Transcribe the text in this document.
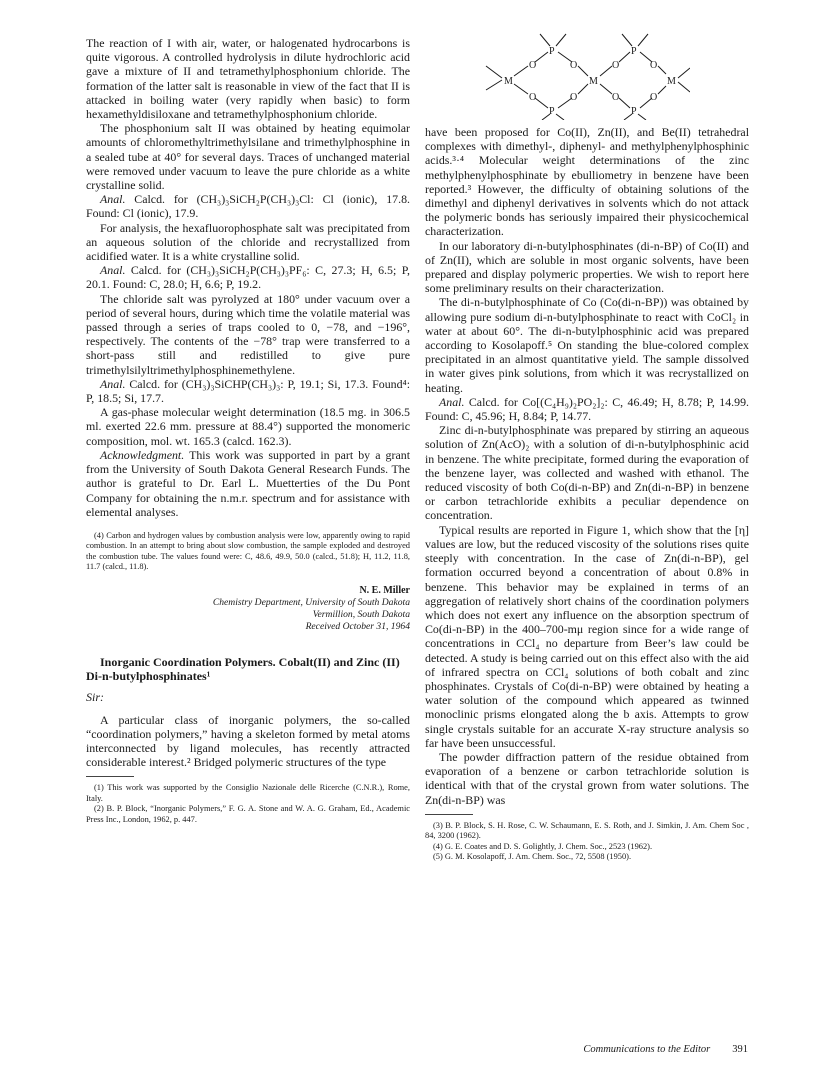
M
O
O
P
P
O
O
M
O
O
P
P
O
O
M

The reaction of I with air, water, or halogenated hydrocarbons is quite vigorous. A controlled hydrolysis in dilute hydrochloric acid gave a mixture of II and tetramethylphosphonium chloride. The formation of the latter salt is reasonable in view of the fact that II is attacked in boiling water (very rapidly when basic) to form hexamethyldisiloxane and tetramethylphosphonium chloride.

The phosphonium salt II was obtained by heating equimolar amounts of chloromethyltrimethylsilane and trimethylphosphine in a sealed tube at 40° for several days. Traces of unchanged material were removed under vacuum to leave the pure chloride as a white crystalline solid.

Anal. Calcd. for (CH₃)₃SiCH₂P(CH₃)₃Cl: Cl (ionic), 17.8. Found: Cl (ionic), 17.9.

For analysis, the hexafluorophosphate salt was precipitated from an aqueous solution of the chloride and recrystallized from acidified water. It is a white crystalline solid.

Anal. Calcd. for (CH₃)₃SiCH₂P(CH₃)₃PF₆: C, 27.3; H, 6.5; P, 20.1. Found: C, 28.0; H, 6.6; P, 19.2.

The chloride salt was pyrolyzed at 180° under vacuum over a period of several hours, during which time the volatile material was passed through a series of traps cooled to 0, −78, and −196°, respectively. The contents of the −78° trap were transferred to a short-pass still and redistilled to give pure trimethylsilyltrimethylphosphinemethylene.

Anal. Calcd. for (CH₃)₃SiCHP(CH₃)₃: P, 19.1; Si, 17.3. Found⁴: P, 18.5; Si, 17.7.

A gas-phase molecular weight determination (18.5 mg. in 306.5 ml. exerted 22.6 mm. pressure at 88.4°) supported the monomeric composition, mol. wt. 165.3 (calcd. 162.3).

Acknowledgment. This work was supported in part by a grant from the University of South Dakota General Research Funds. The author is grateful to Dr. Earl L. Muetterties of the Du Pont Company for obtaining the n.m.r. spectrum and for assistance with elemental analyses.

(4) Carbon and hydrogen values by combustion analysis were low, apparently owing to rapid combustion. In an attempt to bring about slow combustion, the sample exploded and destroyed the combustion tube. The values found were: C, 48.6, 49.9, 50.0 (calcd., 51.8); H, 11.2, 11.8, 11.7 (calcd., 11.8).

N. E. Miller
Chemistry Department, University of South Dakota
Vermillion, South Dakota
Received October 31, 1964

Inorganic Coordination Polymers. Cobalt(II) and Zinc (II) Di-n-butylphosphinates¹

Sir:

A particular class of inorganic polymers, the so-called “coordination polymers,” having a skeleton formed by metal atoms interconnected by ligand molecules, has recently attracted considerable interest.² Bridged polymeric structures of the type

(1) This work was supported by the Consiglio Nazionale delle Ricerche (C.N.R.), Rome, Italy.

(2) B. P. Block, “Inorganic Polymers,” F. G. A. Stone and W. A. G. Graham, Ed., Academic Press Inc., London, 1962, p. 447.

have been proposed for Co(II), Zn(II), and Be(II) tetrahedral complexes with dimethyl-, diphenyl- and methylphenylphosphinic acids.³·⁴ Molecular weight determinations of the zinc methylphenylphosphinate by ebulliometry in benzene have been reported.³ However, the difficulty of obtaining solutions of the dimethyl and diphenyl derivatives in solvents which do not attack the polymeric bonds has seriously impaired their physicochemical characterization.

In our laboratory di-n-butylphosphinates (di-n-BP) of Co(II) and of Zn(II), which are soluble in most organic solvents, have been prepared and display polymeric properties. We wish to report here some preliminary results on their characterization.

The di-n-butylphosphinate of Co (Co(di-n-BP)) was obtained by allowing pure sodium di-n-butylphosphinate to react with CoCl₂ in water at about 60°. The di-n-butylphosphinic acid was prepared according to Kosolapoff.⁵ On standing the blue-colored complex precipitated in an almost quantitative yield. The sample dissolved in water gives pink solutions, from which it was recrystallized on heating.

Anal. Calcd. for Co[(C₄H₉)₂PO₂]₂: C, 46.49; H, 8.78; P, 14.99. Found: C, 45.96; H, 8.84; P, 14.77.

Zinc di-n-butylphosphinate was prepared by stirring an aqueous solution of Zn(AcO)₂ with a solution of di-n-butylphosphinic acid in benzene. The white precipitate, formed during the evaporation of the benzene layer, was collected and washed with ethanol. The reduced viscosity of both Co(di-n-BP) and Zn(di-n-BP) in benzene or carbon tetrachloride exhibits a peculiar dependence on concentration.

Typical results are reported in Figure 1, which show that the [η] values are low, but the reduced viscosity of the solutions rises quite steeply with concentration. In the case of Zn(di-n-BP), gel formation occurred beyond a concentration of about 0.8% in benzene. This behavior may be explained in terms of an aggregation of relatively short chains of the coordination polymers which does not exert any influence on the absorption spectrum of Co(di-n-BP) in the 400–700-mμ region since for a wide range of concentrations in CCl₄ no departure from Beer’s law could be detected. A study is being carried out on this effect also with the aid of infrared spectra on CCl₄ solutions of both cobalt and zinc phosphinates. Crystals of Co(di-n-BP) were obtained by heating a water solution of the compound which appeared as twinned monoclinic prisms elongated along the b axis. Attempts to grow single crystals suitable for an accurate X-ray structure analysis so far have been unsuccessful.

The powder diffraction pattern of the residue obtained from evaporation of a benzene or carbon tetrachloride solution is identical with that of the crystal grown from water solutions. The Zn(di-n-BP) was

(3) B. P. Block, S. H. Rose, C. W. Schaumann, E. S. Roth, and J. Simkin, J. Am. Chem Soc , 84, 3200 (1962).

(4) G. E. Coates and D. S. Golightly, J. Chem. Soc., 2523 (1962).

(5) G. M. Kosolapoff, J. Am. Chem. Soc., 72, 5508 (1950).

Communications to the Editor 391
